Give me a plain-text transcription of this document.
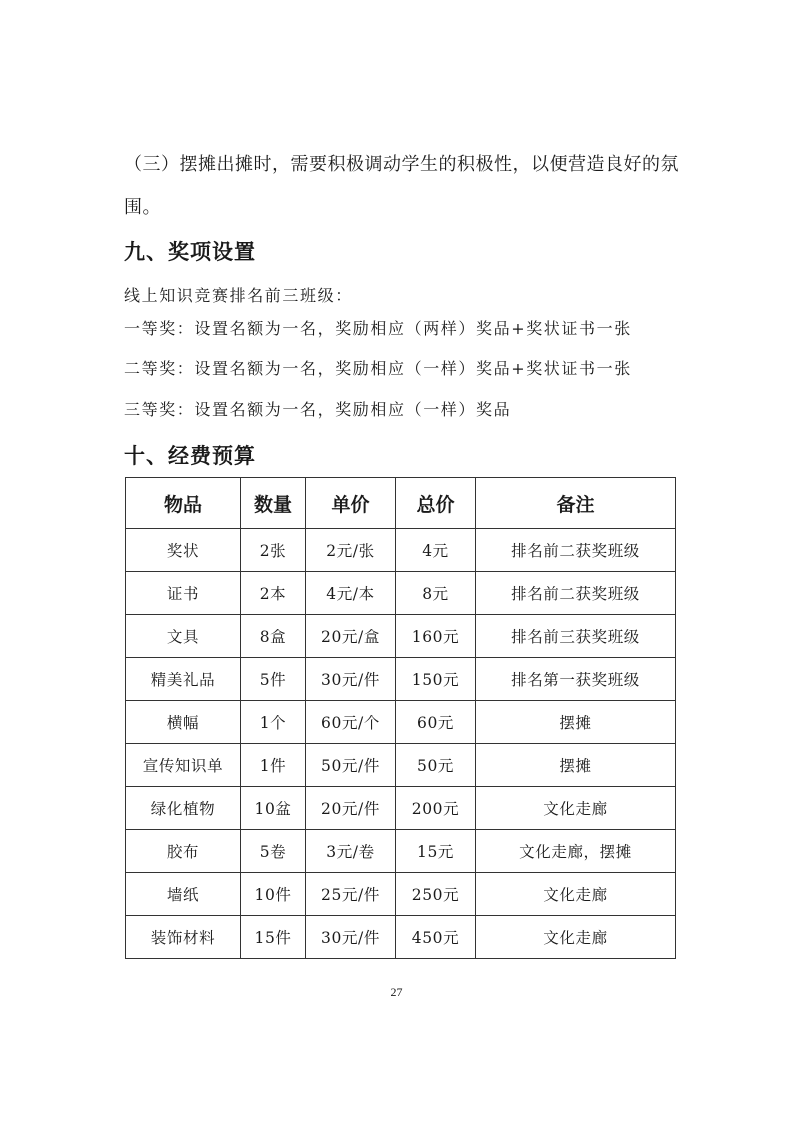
（三）摆摊出摊时，需要积极调动学生的积极性，以便营造良好的氛
围。
九、奖项设置
线上知识竞赛排名前三班级：
一等奖：设置名额为一名，奖励相应（两样）奖品+奖状证书一张
二等奖：设置名额为一名，奖励相应（一样）奖品+奖状证书一张
三等奖：设置名额为一名，奖励相应（一样）奖品
十、经费预算
物品	数量	单价	总价	备注
奖状	2张	2元/张	4元	排名前二获奖班级
证书	2本	4元/本	8元	排名前二获奖班级
文具	8盒	20元/盒	160元	排名前三获奖班级
精美礼品	5件	30元/件	150元	排名第一获奖班级
横幅	1个	60元/个	60元	摆摊
宣传知识单	1件	50元/件	50元	摆摊
绿化植物	10盆	20元/件	200元	文化走廊
胶布	5卷	3元/卷	15元	文化走廊，摆摊
墙纸	10件	25元/件	250元	文化走廊
装饰材料	15件	30元/件	450元	文化走廊
27
